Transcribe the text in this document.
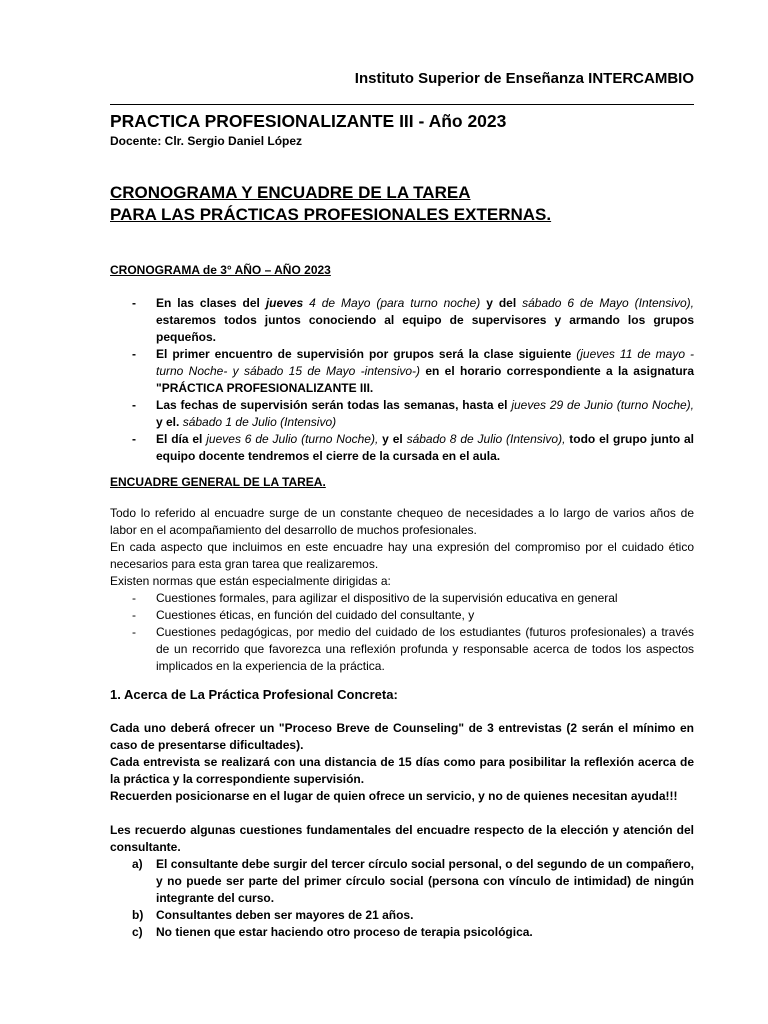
Instituto Superior de Enseñanza INTERCAMBIO
PRACTICA PROFESIONALIZANTE III - Año 2023
Docente: Clr. Sergio Daniel López
CRONOGRAMA Y ENCUADRE DE LA TAREA
PARA LAS PRÁCTICAS PROFESIONALES EXTERNAS.
CRONOGRAMA de 3° AÑO – AÑO 2023
- En las clases del jueves 4 de Mayo (para turno noche) y del sábado 6 de Mayo (Intensivo), estaremos todos juntos conociendo al equipo de supervisores y armando los grupos pequeños.
- El primer encuentro de supervisión por grupos será la clase siguiente (jueves 11 de mayo - turno Noche- y sábado 15 de Mayo -intensivo-) en el horario correspondiente a la asignatura "PRÁCTICA PROFESIONALIZANTE III.
- Las fechas de supervisión serán todas las semanas, hasta el jueves 29 de Junio (turno Noche), y el. sábado 1 de Julio (Intensivo)
- El día el jueves 6 de Julio (turno Noche), y el sábado 8 de Julio (Intensivo), todo el grupo junto al equipo docente tendremos el cierre de la cursada en el aula.
ENCUADRE GENERAL DE LA TAREA.

Todo lo referido al encuadre surge de un constante chequeo de necesidades a lo largo de varios años de labor en el acompañamiento del desarrollo de muchos profesionales.

En cada aspecto que incluimos en este encuadre hay una expresión del compromiso por el cuidado ético necesarios para esta gran tarea que realizaremos.

Existen normas que están especialmente dirigidas a:

- Cuestiones formales, para agilizar el dispositivo de la supervisión educativa en general
- Cuestiones éticas, en función del cuidado del consultante, y
- Cuestiones pedagógicas, por medio del cuidado de los estudiantes (futuros profesionales) a través de un recorrido que favorezca una reflexión profunda y responsable acerca de todos los aspectos implicados en la experiencia de la práctica.
1. Acerca de La Práctica Profesional Concreta:

Cada uno deberá ofrecer un "Proceso Breve de Counseling" de 3 entrevistas (2 serán el mínimo en caso de presentarse dificultades).

Cada entrevista se realizará con una distancia de 15 días como para posibilitar la reflexión acerca de la práctica y la correspondiente supervisión.

Recuerden posicionarse en el lugar de quien ofrece un servicio, y no de quienes necesitan ayuda!!!

Les recuerdo algunas cuestiones fundamentales del encuadre respecto de la elección y atención del consultante.

a) El consultante debe surgir del tercer círculo social personal, o del segundo de un compañero, y no puede ser parte del primer círculo social (persona con vínculo de intimidad) de ningún integrante del curso.
b) Consultantes deben ser mayores de 21 años.
c) No tienen que estar haciendo otro proceso de terapia psicológica.
